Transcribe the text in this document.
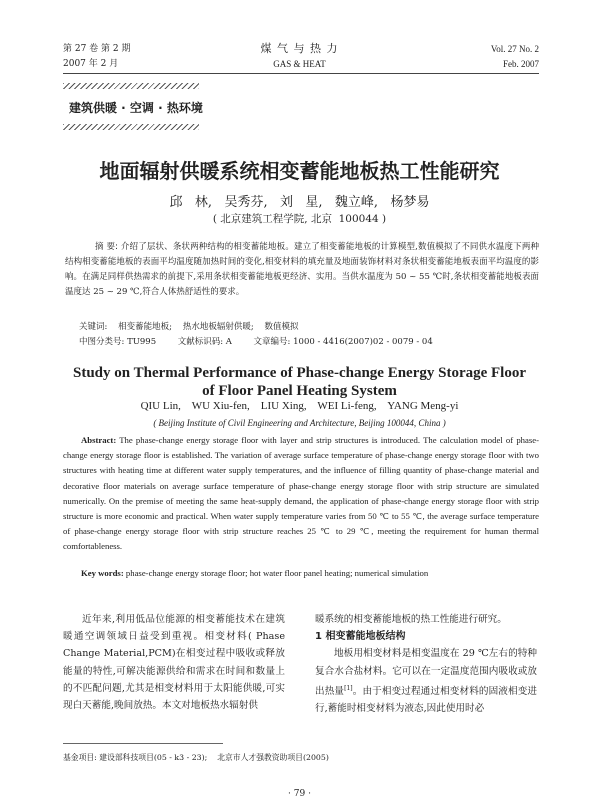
第 27 卷 第 2 期
2007 年 2 月
煤 气 与 热 力
GAS & HEAT
Vol. 27 No. 2
Feb. 2007
建筑供暖 · 空调 · 热环境
地面辐射供暖系统相变蓄能地板热工性能研究
邱   林,   吴秀芬,   刘   星,   魏立峰,   杨梦易
( 北京建筑工程学院, 北京  100044 )
摘 要: 介绍了层状、条状两种结构的相变蓄能地板。建立了相变蓄能地板的计算模型,数值模拟了不同供水温度下两种结构相变蓄能地板的表面平均温度随加热时间的变化,相变材料的填充量及地面装饰材料对条状相变蓄能地板表面平均温度的影响。在满足同样供热需求的前提下,采用条状相变蓄能地板更经济、实用。当供水温度为 50 ~ 55 ℃时,条状相变蓄能地板表面温度达 25 ~ 29 ℃,符合人体热舒适性的要求。
关键词:    相变蓄能地板;    热水地板辐射供暖;    数值模拟
中图分类号: TU995        文献标识码: A        文章编号: 1000 - 4416(2007)02 - 0079 - 04
Study on Thermal Performance of Phase-change Energy Storage Floor
of Floor Panel Heating System
QIU Lin,    WU Xiu-fen,    LIU Xing,    WEI Li-feng,    YANG Meng-yi
( Beijing Institute of Civil Engineering and Architecture, Beijing 100044, China )
Abstract: The phase-change energy storage floor with layer and strip structures is introduced. The calculation model of phase-change energy storage floor is established. The variation of average surface temperature of phase-change energy storage floor with two structures with heating time at different water supply temperatures, and the influence of filling quantity of phase-change material and decorative floor materials on average surface temperature of phase-change energy storage floor with strip structure are simulated numerically. On the premise of meeting the same heat-supply demand, the application of phase-change energy storage floor with strip structure is more economic and practical. When water supply temperature varies from 50 ℃ to 55 ℃, the average surface temperature of phase-change energy storage floor with strip structure reaches 25 ℃ to 29 ℃, meeting the requirement for human thermal comfortableness.
Key words: phase-change energy storage floor; hot water floor panel heating; numerical simulation

近年来,利用低品位能源的相变蓄能技术在建筑暖通空调领域日益受到重视。相变材料( Phase Change Material,PCM)在相变过程中吸收或释放能量的特性,可解决能源供给和需求在时间和数量上的不匹配问题,尤其是相变材料用于太阳能供暖,可实现白天蓄能,晚间放热。本文对地板热水辐射供

暖系统的相变蓄能地板的热工性能进行研究。

1 相变蓄能地板结构

地板用相变材料是相变温度在 29 ℃左右的特种复合水合盐材料。它可以在一定温度范围内吸收或放出热量[1]。由于相变过程通过相变材料的固液相变进行,蓄能时相变材料为液态,因此使用时必

基金项目: 建设部科技项目(05 - k3 - 23);    北京市人才强教资助项目(2005)
· 79 ·
